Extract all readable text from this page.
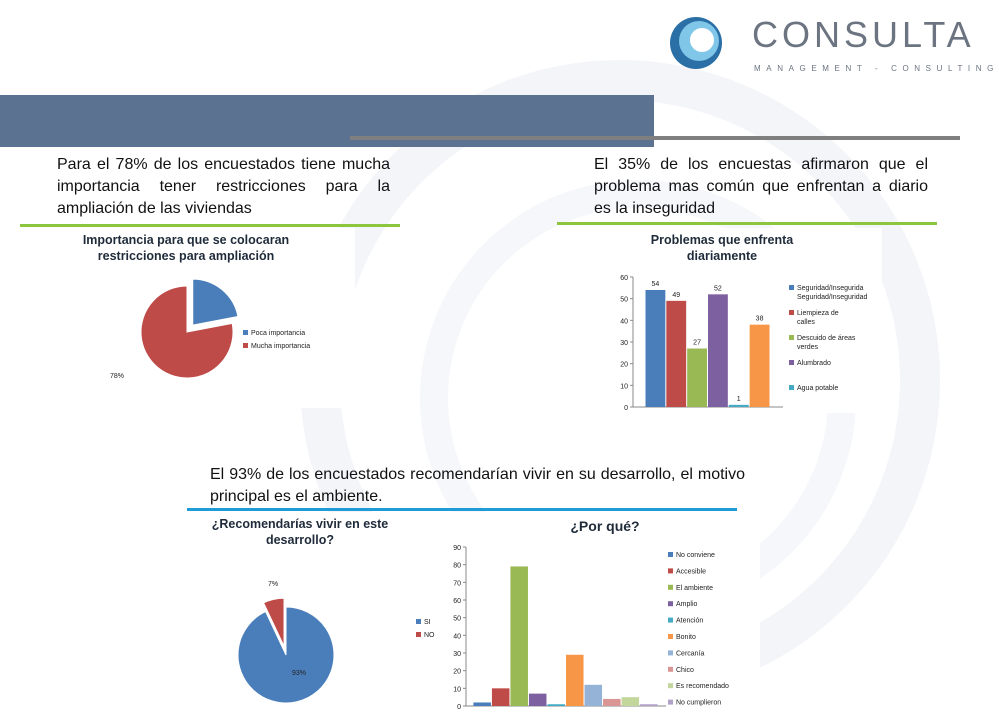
CONSULTA
MANAGEMENT - CONSULTING
Para el 78% de los encuestados tiene mucha importancia tener restricciones para la ampliación de las viviendas
El 35% de los encuestas afirmaron que el problema mas común que enfrentan a diario es la inseguridad
El 93% de los encuestados recomendarían vivir en su desarrollo, el motivo principal es el ambiente.
Importancia para que se colocaran restricciones para ampliación
78%
Poca importancia
Mucha importancia
Problemas que enfrenta diariamente
0
10
20
30
40
50
60
54
49
27
52
1
38
Seguridad/Insegurida
Seguridad/Inseguridad
Liempieza de
calles
Descuido de áreas
verdes
Alumbrado
Agua potable
¿Recomendarías vivir en este desarrollo?
93%
7%
SI
NO
¿Por qué?
0
10
20
30
40
50
60
70
80
90
No conviene
Accesible
El ambiente
Amplio
Atención
Bonito
Cercanía
Chico
Es recomendado
No cumplieron
